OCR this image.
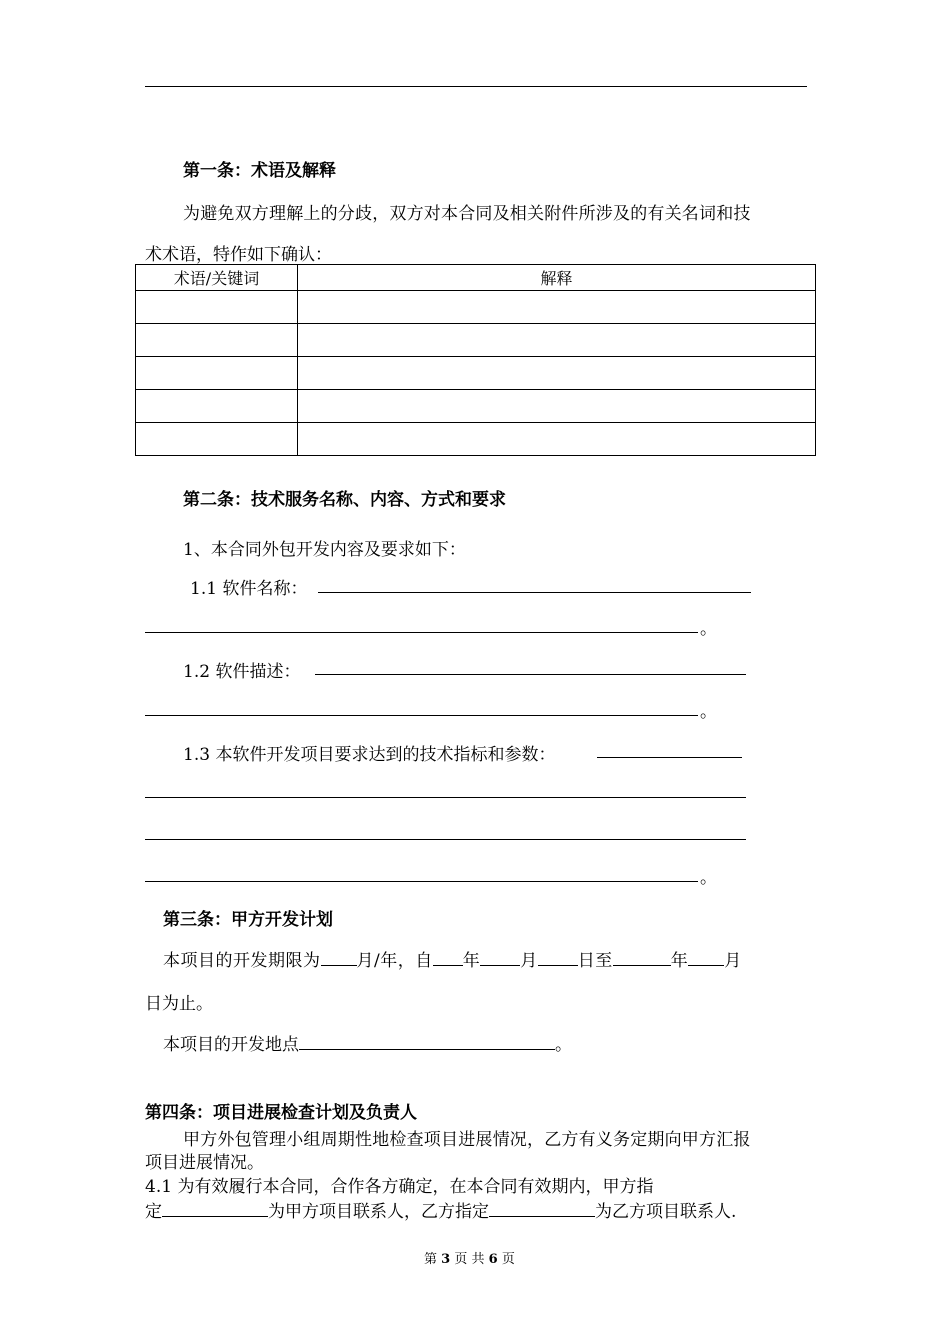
第一条：术语及解释
为避免双方理解上的分歧，双方对本合同及相关附件所涉及的有关名词和技
术术语，特作如下确认：
术语/关键词	解释

第二条：技术服务名称、内容、方式和要求
1、本合同外包开发内容及要求如下：
1.1 软件名称：
。
1.2 软件描述：
。
1.3 本软件开发项目要求达到的技术指标和参数：
。
第三条：甲方开发计划
本项目的开发期限为 月/年，自 年 月 日至	年 月
日为止。
本项目的开发地点	。
第四条：项目进展检查计划及负责人
甲方外包管理小组周期性地检查项目进展情况，乙方有义务定期向甲方汇报
项目进展情况。
4.1 为有效履行本合同，合作各方确定，在本合同有效期内，甲方指
定	为甲方项目联系人，乙方指定	为乙方项目联系人.
第 3 页 共 6 页
